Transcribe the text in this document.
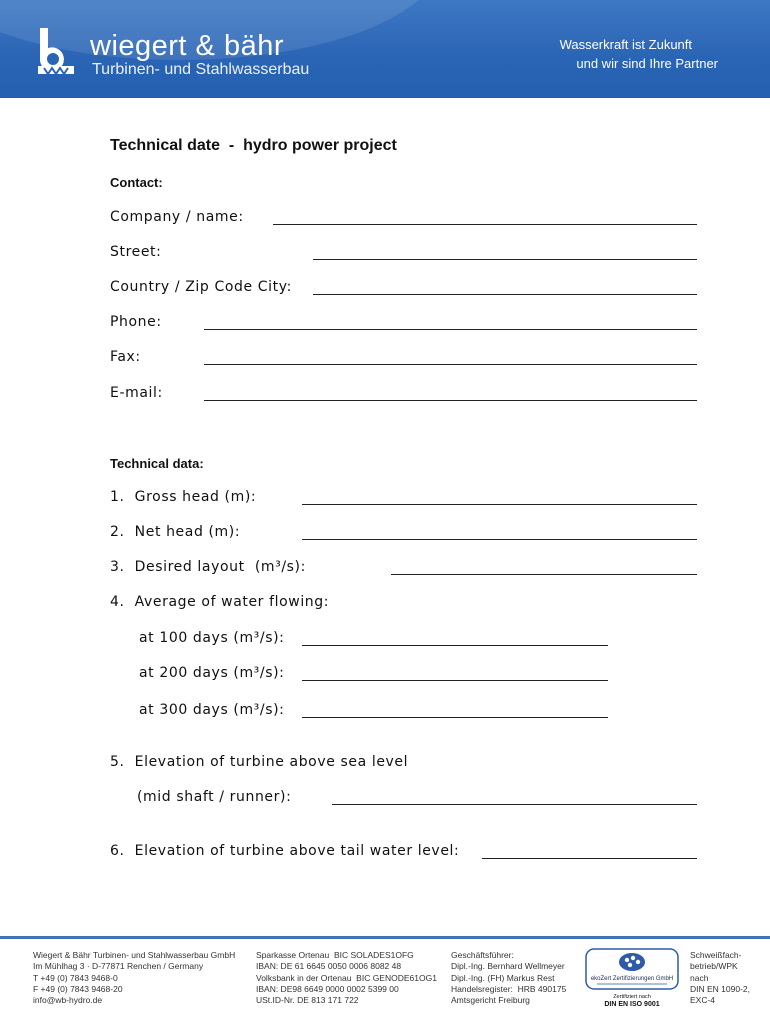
wiegert & bähr
Turbinen- und Stahlwasserbau
Wasserkraft ist Zukunft
und wir sind Ihre Partner
Technical date  -  hydro power project
Contact:
Company / name:
Street:
Country / Zip Code City:
Phone:
Fax:
E-mail:
Technical data:
1.  Gross head (m):
2.  Net head (m):
3.  Desired layout  (m³/s):
4.  Average of water flowing:
at 100 days (m³/s):
at 200 days (m³/s):
at 300 days (m³/s):
5.  Elevation of turbine above sea level
(mid shaft / runner):
6.  Elevation of turbine above tail water level:
Wiegert & Bähr Turbinen- und Stahlwasserbau GmbH
Im Mühlhag 3 · D-77871 Renchen / Germany
T +49 (0) 7843 9468-0
F +49 (0) 7843 9468-20
info@wb-hydro.de
Sparkasse Ortenau  BIC SOLADES1OFG
IBAN: DE 61 6645 0050 0006 8082 48
Volksbank in der Ortenau  BIC GENODE61OG1
IBAN: DE98 6649 0000 0002 5399 00
USt.ID-Nr. DE 813 171 722
Geschäftsführer:
Dipl.-Ing. Bernhard Wellmeyer
Dipl.-Ing. (FH) Markus Rest
Handelsregister:  HRB 490175
Amtsgericht Freiburg
ekoZert Zertifizierungen GmbH
Zertifiziert nach
DIN EN ISO 9001
Schweißfach-
betrieb/WPK
nach
DIN EN 1090-2,
EXC-4
